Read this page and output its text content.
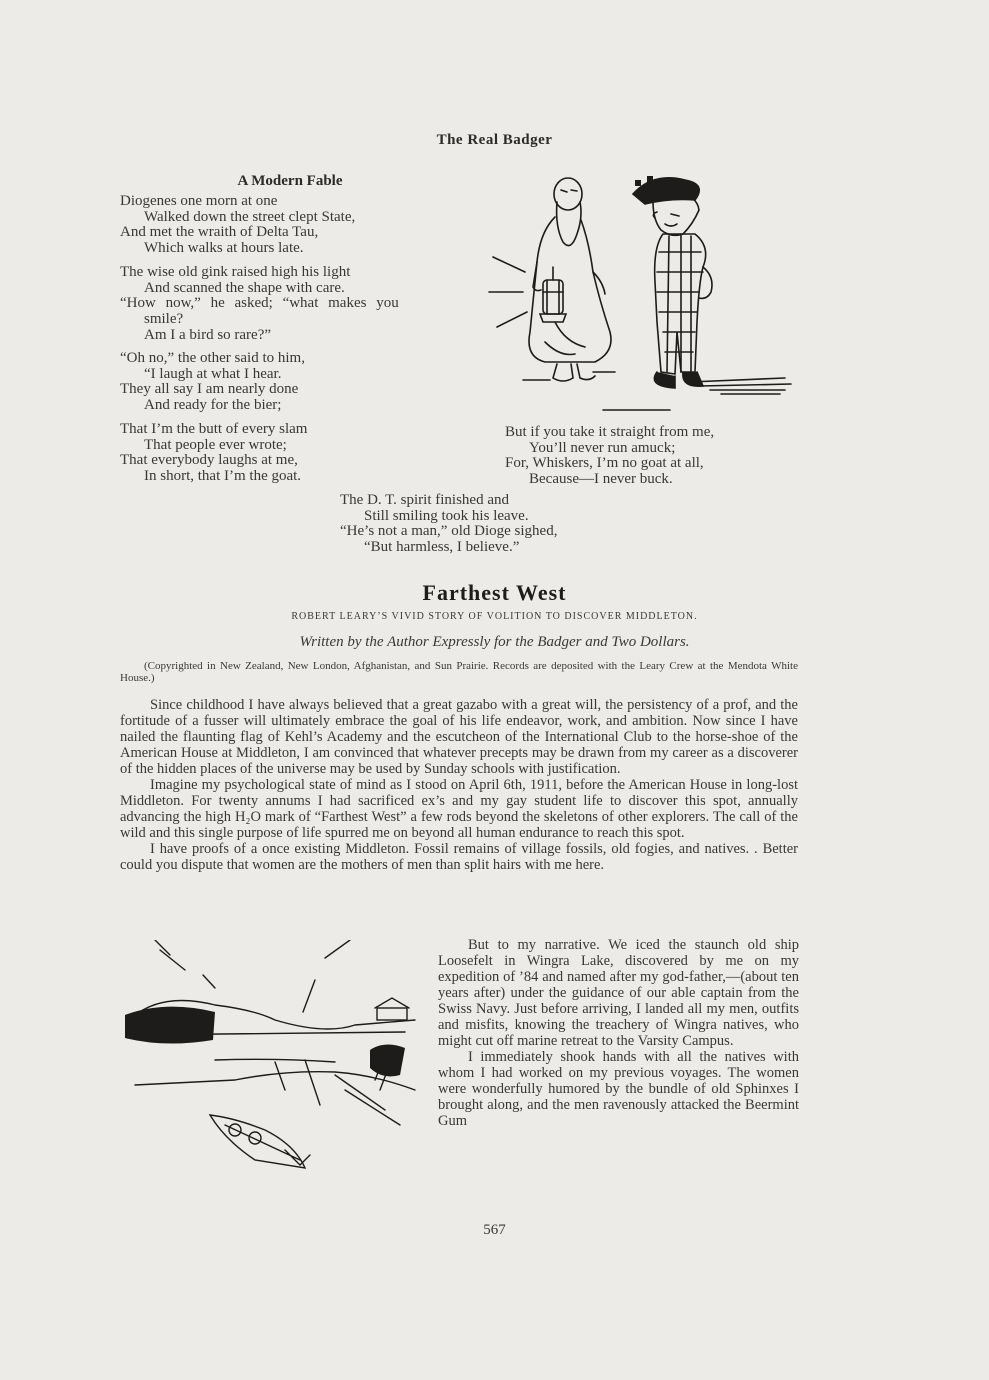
The Real Badger
A Modern Fable
Diogenes one morn at one
Walked down the street clept State,
And met the wraith of Delta Tau,
Which walks at hours late.
The wise old gink raised high his light
And scanned the shape with care.
“How now,” he asked; “what makes you
smile?
Am I a bird so rare?”
“Oh no,” the other said to him,
“I laugh at what I hear.
They all say I am nearly done
And ready for the bier;
That I’m the butt of every slam
That people ever wrote;
That everybody laughs at me,
In short, that I’m the goat.
But if you take it straight from me,
You’ll never run amuck;
For, Whiskers, I’m no goat at all,
Because—I never buck.
The D. T. spirit finished and
Still smiling took his leave.
“He’s not a man,” old Dioge sighed,
“But harmless, I believe.”
Farthest West
ROBERT LEARY’S VIVID STORY OF VOLITION TO DISCOVER MIDDLETON.
Written by the Author Expressly for the Badger and Two Dollars.
(Copyrighted in New Zealand, New London, Afghanistan, and Sun Prairie. Records are deposited with the Leary Crew at the Mendota White House.)

Since childhood I have always believed that a great gazabo with a great will, the persistency of a prof, and the fortitude of a fusser will ultimately embrace the goal of his life endeavor, work, and ambition. Now since I have nailed the flaunting flag of Kehl’s Academy and the escutcheon of the International Club to the horse-shoe of the American House at Middleton, I am convinced that whatever precepts may be drawn from my career as a discoverer of the hidden places of the universe may be used by Sunday schools with justification.

Imagine my psychological state of mind as I stood on April 6th, 1911, before the American House in long-lost Middleton. For twenty annums I had sacrificed ex’s and my gay student life to discover this spot, annually advancing the high H₂O mark of “Farthest West” a few rods beyond the skeletons of other explorers. The call of the wild and this single purpose of life spurred me on beyond all human endurance to reach this spot.

I have proofs of a once existing Middleton. Fossil remains of village fossils, old fogies, and natives. . Better could you dispute that women are the mothers of men than split hairs with me here.

But to my narrative. We iced the staunch old ship Loosefelt in Wingra Lake, discovered by me on my expedition of ’84 and named after my god-father,—(about ten years after) under the guidance of our able captain from the Swiss Navy. Just before arriving, I landed all my men, outfits and misfits, knowing the treachery of Wingra natives, who might cut off marine retreat to the Varsity Campus.

I immediately shook hands with all the natives with whom I had worked on my previous voyages. The women were wonderfully humored by the bundle of old Sphinxes I brought along, and the men ravenously attacked the Beermint Gum

567
